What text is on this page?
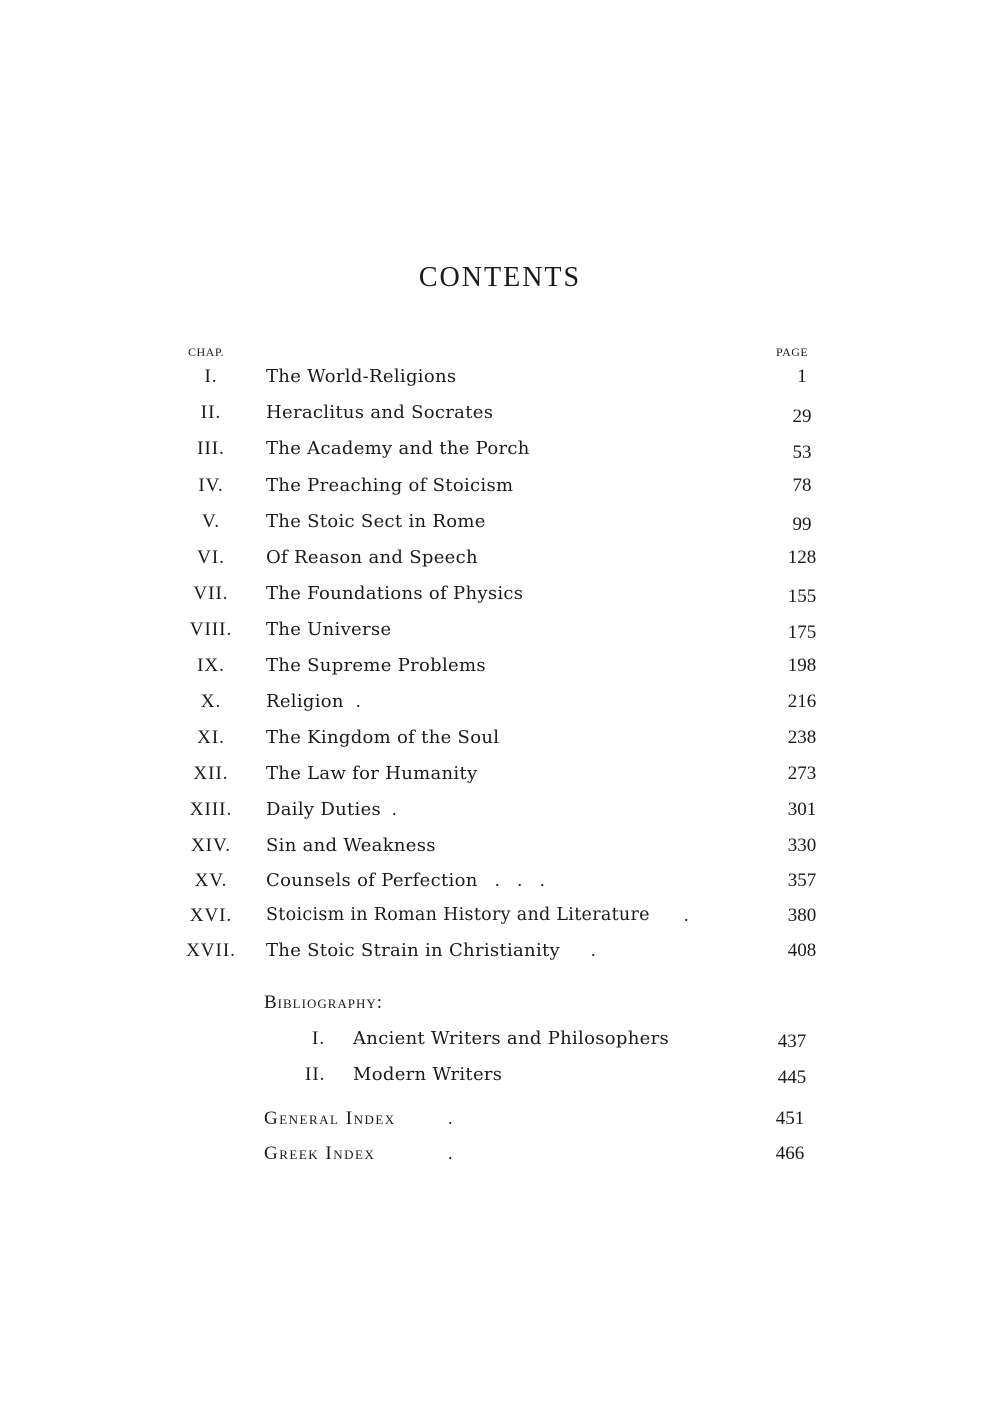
CONTENTS
CHAP.	PAGE
I.	The World-Religions	1
II.	Heraclitus and Socrates	29
III.	The Academy and the Porch	53
IV.	The Preaching of Stoicism	78
V.	The Stoic Sect in Rome	99
VI.	Of Reason and Speech	128
VII.	The Foundations of Physics	155
VIII.	The Universe	175
IX.	The Supreme Problems	198
X.	Religion .	216
XI.	The Kingdom of the Soul	238
XII.	The Law for Humanity	273
XIII.	Daily Duties .	301
XIV.	Sin and Weakness	330
XV.	Counsels of Perfection .    .    .	357
XVI.	Stoicism in Roman History and Literature .	380
XVII.	The Stoic Strain in Christianity .	408
Bibliography:
I. Ancient Writers and Philosophers	437
II. Modern Writers	445
General Index	.	451
Greek Index	.	466
